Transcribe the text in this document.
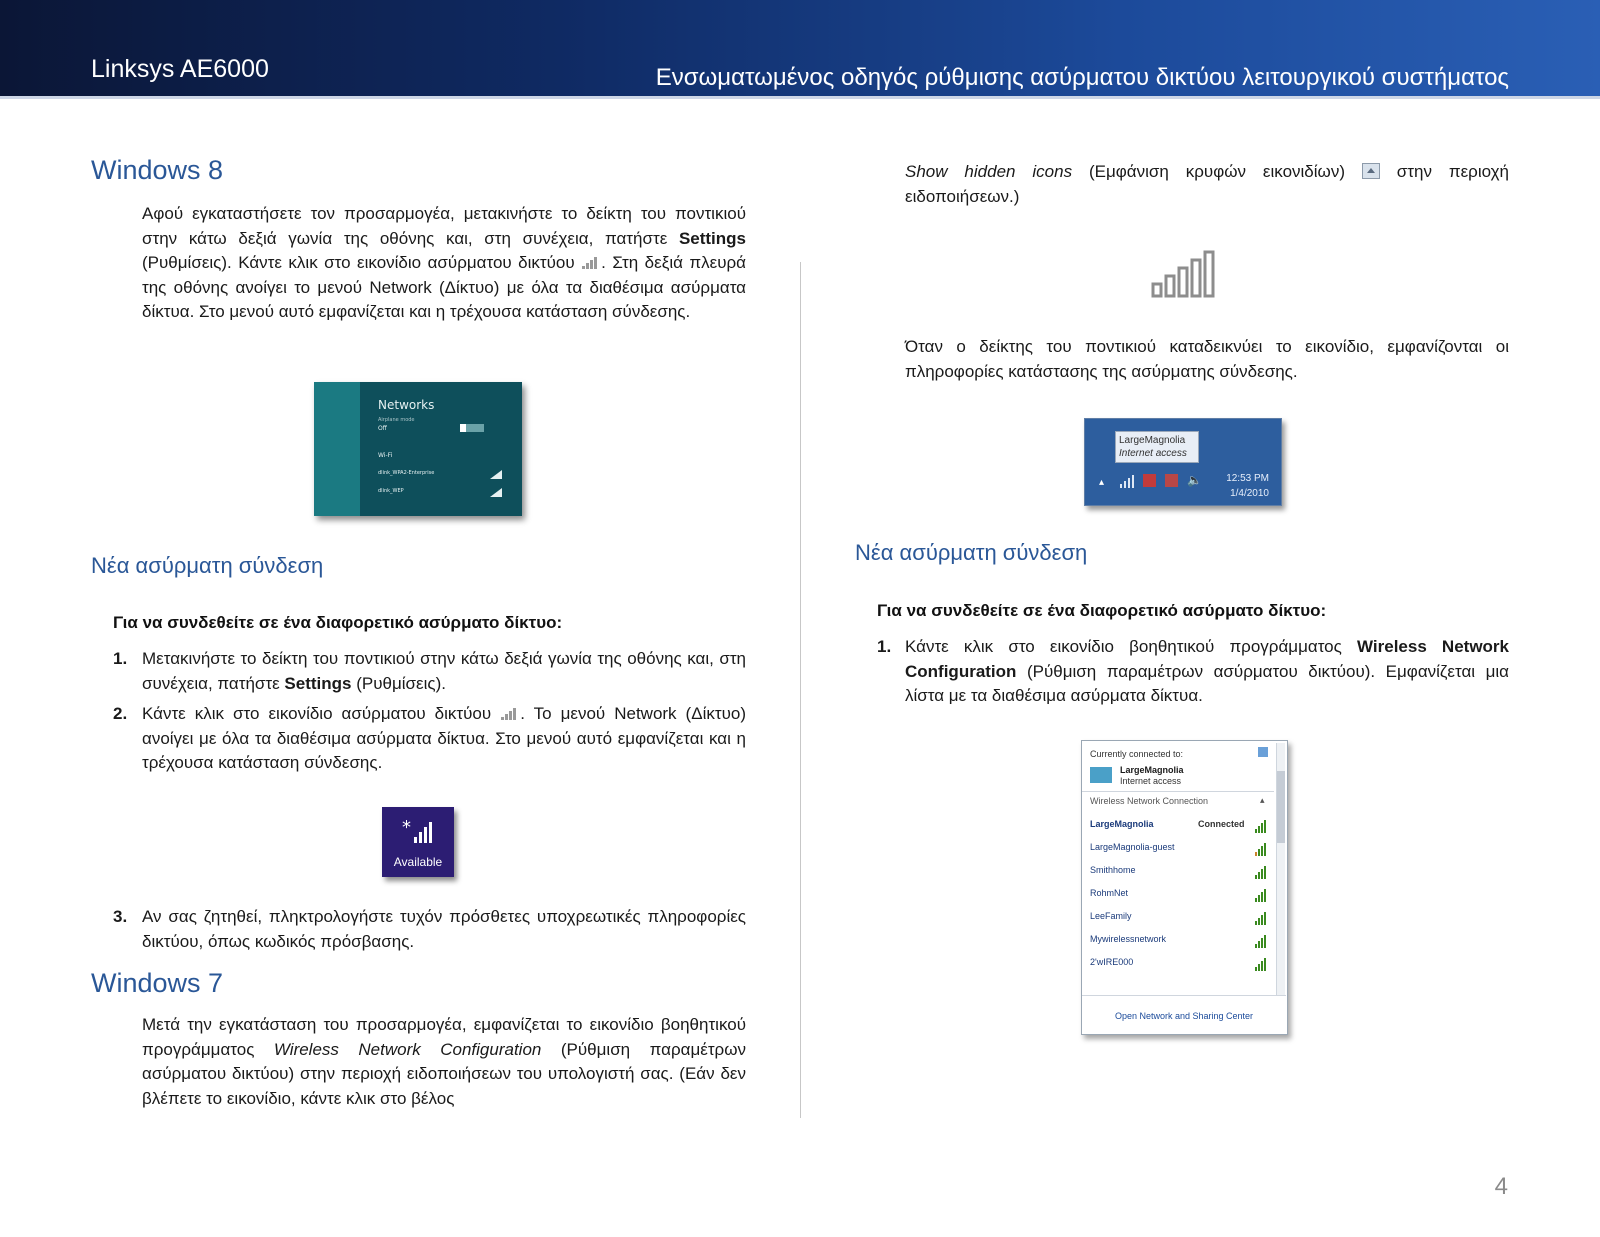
Linksys AE6000	Ενσωματωμένος οδηγός ρύθμισης ασύρματου δικτύου λειτουργικού συστήματος
Windows 8

Αφού εγκαταστήσετε τον προσαρμογέα, μετακινήστε το δείκτη του ποντικιού στην κάτω δεξιά γωνία της οθόνης και, στη συνέχεια, πατήστε Settings (Ρυθμίσεις). Κάντε κλικ στο εικονίδιο ασύρματου δικτύου . Στη δεξιά πλευρά της οθόνης ανοίγει το μενού Network (Δίκτυο) με όλα τα διαθέσιμα ασύρματα δίκτυα. Στο μενού αυτό εμφανίζεται και η τρέχουσα κατάσταση σύνδεσης.

Networks
Airplane mode
Off
Wi-Fi
dlink_WPA2-Enterprise
dlink_WEP
Νέα ασύρματη σύνδεση
Για να συνδεθείτε σε ένα διαφορετικό ασύρματο δίκτυο:
1. Μετακινήστε το δείκτη του ποντικιού στην κάτω δεξιά γωνία της οθόνης και, στη συνέχεια, πατήστε Settings (Ρυθμίσεις).

2. Κάντε κλικ στο εικονίδιο ασύρματου δικτύου . Το μενού Network (Δίκτυο) ανοίγει με όλα τα διαθέσιμα ασύρματα δίκτυα. Στο μενού αυτό εμφανίζεται και η τρέχουσα κατάσταση σύνδεσης.

*
Available
3. Αν σας ζητηθεί, πληκτρολογήστε τυχόν πρόσθετες υποχρεωτικές πληροφορίες δικτύου, όπως κωδικός πρόσβασης.

Windows 7

Μετά την εγκατάσταση του προσαρμογέα, εμφανίζεται το εικονίδιο βοηθητικού προγράμματος Wireless Network Configuration (Ρύθμιση παραμέτρων ασύρματου δικτύου) στην περιοχή ειδοποιήσεων του υπολογιστή σας. (Εάν δεν βλέπετε το εικονίδιο, κάντε κλικ στο βέλος

Show hidden icons (Εμφάνιση κρυφών εικονιδίων)  στην περιοχή ειδοποιήσεων.)

Όταν ο δείκτης του ποντικιού καταδεικνύει το εικονίδιο, εμφανίζονται οι πληροφορίες κατάστασης της ασύρματης σύνδεσης.

LargeMagnolia
Internet access
▴	🔈 12:53 PM
1/4/2010
Νέα ασύρματη σύνδεση
Για να συνδεθείτε σε ένα διαφορετικό ασύρματο δίκτυο:
1. Κάντε κλικ στο εικονίδιο βοηθητικού προγράμματος Wireless Network Configuration (Ρύθμιση παραμέτρων ασύρματου δικτύου). Εμφανίζεται μια λίστα με τα διαθέσιμα ασύρματα δίκτυα.

Currently connected to:
LargeMagnolia
Internet access
Wireless Network Connection	▴
LargeMagnolia	Connected
LargeMagnolia-guest
Smithhome
RohmNet
LeeFamily
Mywirelessnetwork
2'wIRE000
Open Network and Sharing Center
4
